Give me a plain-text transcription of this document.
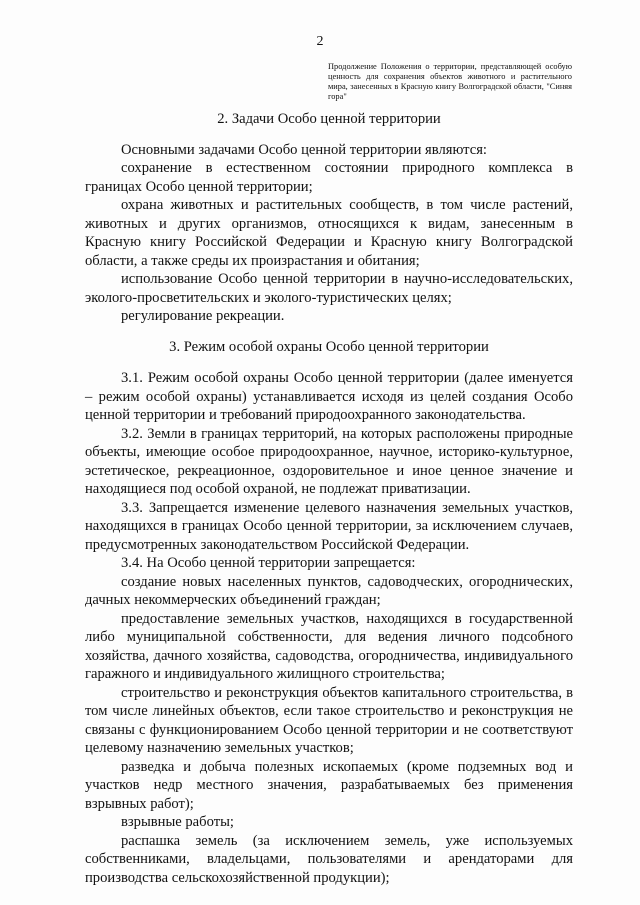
2
Продолжение Положения о территории, представляющей особую ценность для сохранения объектов животного и растительного мира, занесенных в Красную книгу Волгоградской области, "Синяя гора"
2. Задачи Особо ценной территории

Основными задачами Особо ценной территории являются:

сохранение в естественном состоянии природного комплекса в границах Особо ценной территории;

охрана животных и растительных сообществ, в том числе растений, животных и других организмов, относящихся к видам, занесенным в Красную книгу Российской Федерации и Красную книгу Волгоградской области, а также среды их произрастания и обитания;

использование Особо ценной территории в научно-исследовательских, эколого-просветительских и эколого-туристических целях;

регулирование рекреации.

3. Режим особой охраны Особо ценной территории

3.1. Режим особой охраны Особо ценной территории (далее именуется – режим особой охраны) устанавливается исходя из целей создания Особо ценной территории и требований природоохранного законодательства.

3.2. Земли в границах территорий, на которых расположены природные объекты, имеющие особое природоохранное, научное, историко-культурное, эстетическое, рекреационное, оздоровительное и иное ценное значение и находящиеся под особой охраной, не подлежат приватизации.

3.3. Запрещается изменение целевого назначения земельных участков, находящихся в границах Особо ценной территории, за исключением случаев, предусмотренных законодательством Российской Федерации.

3.4. На Особо ценной территории запрещается:

создание новых населенных пунктов, садоводческих, огороднических, дачных некоммерческих объединений граждан;

предоставление земельных участков, находящихся в государственной либо муниципальной собственности, для ведения личного подсобного хозяйства, дачного хозяйства, садоводства, огородничества, индивидуального гаражного и индивидуального жилищного строительства;

строительство и реконструкция объектов капитального строительства, в том числе линейных объектов, если такое строительство и реконструкция не связаны с функционированием Особо ценной территории и не соответствуют целевому назначению земельных участков;

разведка и добыча полезных ископаемых (кроме подземных вод и участков недр местного значения, разрабатываемых без применения взрывных работ);

взрывные работы;

распашка земель (за исключением земель, уже используемых собственниками, владельцами, пользователями и арендаторами для производства сельскохозяйственной продукции);
